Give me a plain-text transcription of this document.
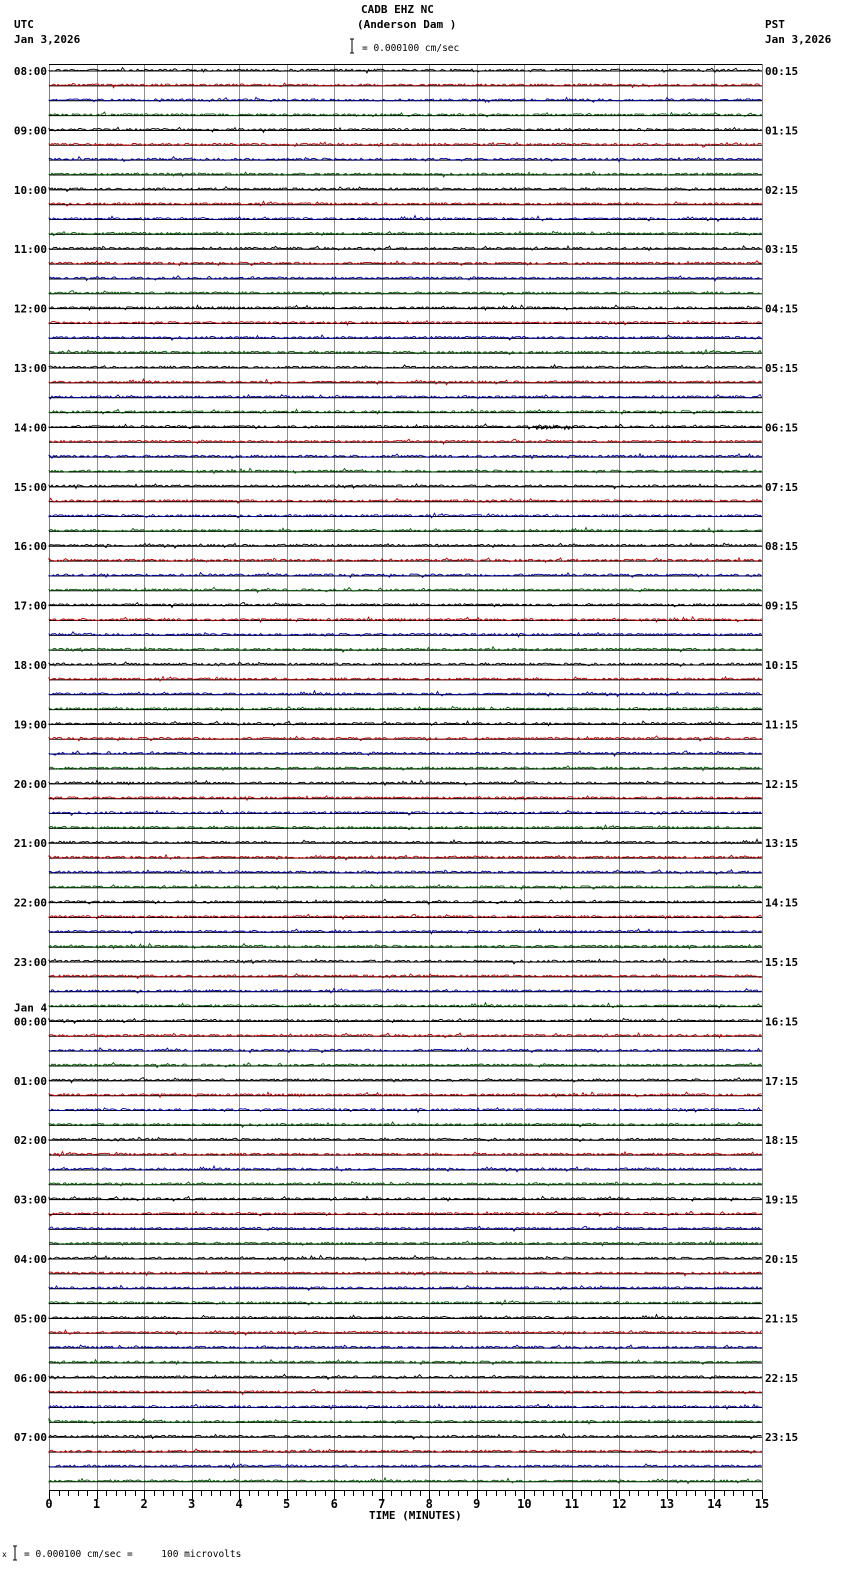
08:00	00:15
09:00	01:15
10:00	02:15
11:00	03:15
12:00	04:15
13:00	05:15
14:00	06:15
15:00	07:15
16:00	08:15
17:00	09:15
18:00	10:15
19:00	11:15
20:00	12:15
21:00	13:15
22:00	14:15
23:00	15:15
00:00	16:15
Jan 4
01:00	17:15
02:00	18:15
03:00	19:15
04:00	20:15
05:00	21:15
06:00	22:15
07:00	23:15
0	1	2	3	4	5	6	7	8	9	10	11	12	13	14	15
CADB EHZ NC
(Anderson Dam )
UTC
Jan 3,2026
PST
Jan 3,2026
= 0.000100 cm/sec
x = 0.000100 cm/sec =     100 microvolts
TIME (MINUTES)
